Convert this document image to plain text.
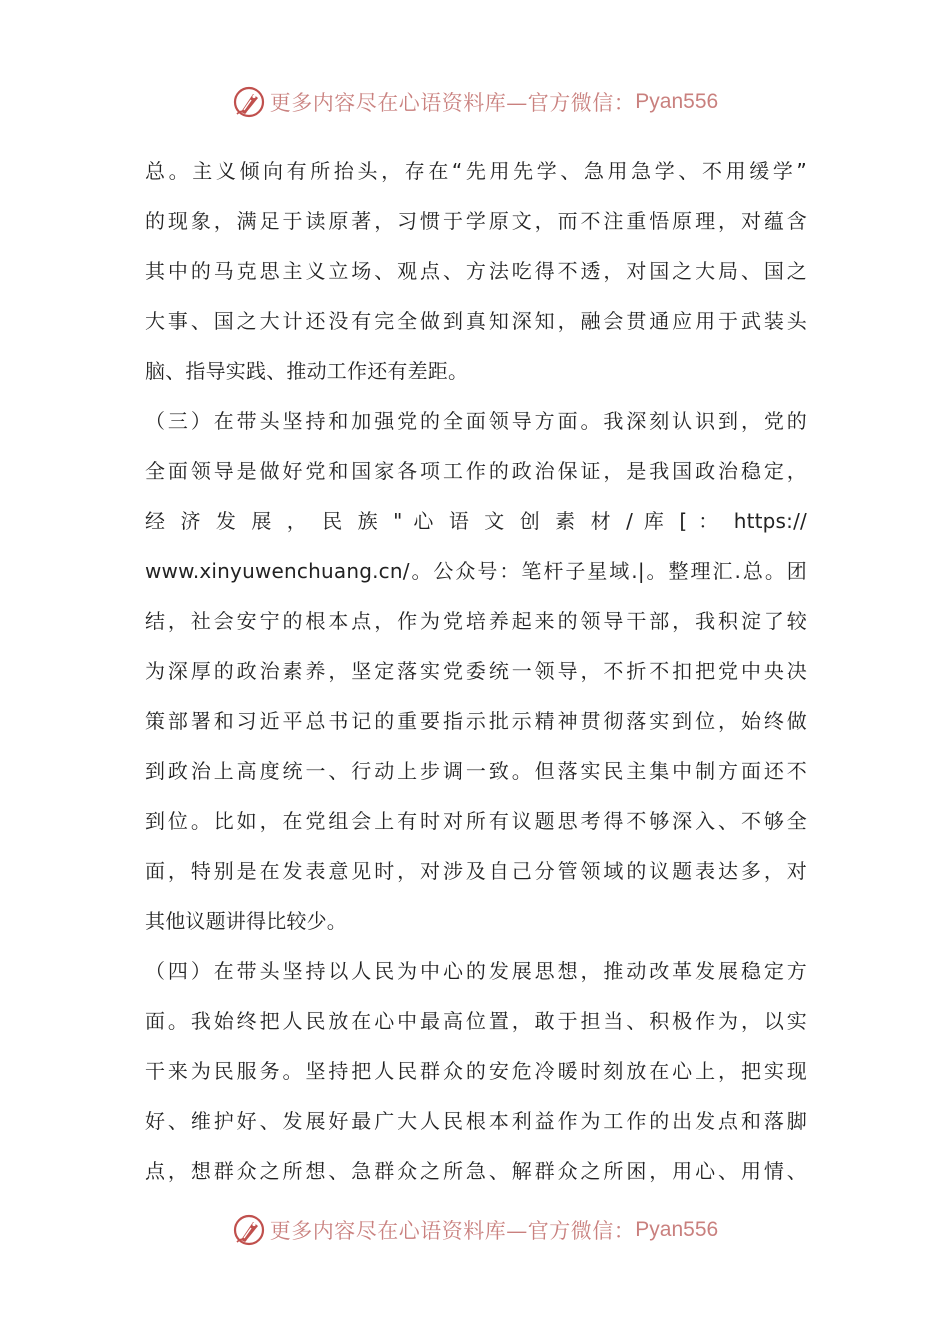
更多内容尽在心语资料库—官方微信： Pyan556
总。主义倾向有所抬头，存在“先用先学、急用急学、不用缓学”
的现象，满足于读原著，习惯于学原文，而不注重悟原理，对蕴含
其中的马克思主义立场、观点、方法吃得不透，对国之大局、国之
大事、国之大计还没有完全做到真知深知，融会贯通应用于武装头
脑、指导实践、推动工作还有差距。
（三）在带头坚持和加强党的全面领导方面。我深刻认识到，党的
全面领导是做好党和国家各项工作的政治保证，是我国政治稳定，
经 济 发 展 ， 民 族 " 心 语 文 创 素 材 / 库 [ ： https://
www.xinyuwenchuang.cn/。公众号：笔杆子星域.|。整理汇.总。团
结，社会安宁的根本点，作为党培养起来的领导干部，我积淀了较
为深厚的政治素养，坚定落实党委统一领导，不折不扣把党中央决
策部署和习近平总书记的重要指示批示精神贯彻落实到位，始终做
到政治上高度统一、行动上步调一致。但落实民主集中制方面还不
到位。比如，在党组会上有时对所有议题思考得不够深入、不够全
面，特别是在发表意见时，对涉及自己分管领域的议题表达多，对
其他议题讲得比较少。
（四）在带头坚持以人民为中心的发展思想，推动改革发展稳定方
面。我始终把人民放在心中最高位置，敢于担当、积极作为，以实
干来为民服务。坚持把人民群众的安危冷暖时刻放在心上，把实现
好、维护好、发展好最广大人民根本利益作为工作的出发点和落脚
点，想群众之所想、急群众之所急、解群众之所困，用心、用情、
更多内容尽在心语资料库—官方微信： Pyan556
